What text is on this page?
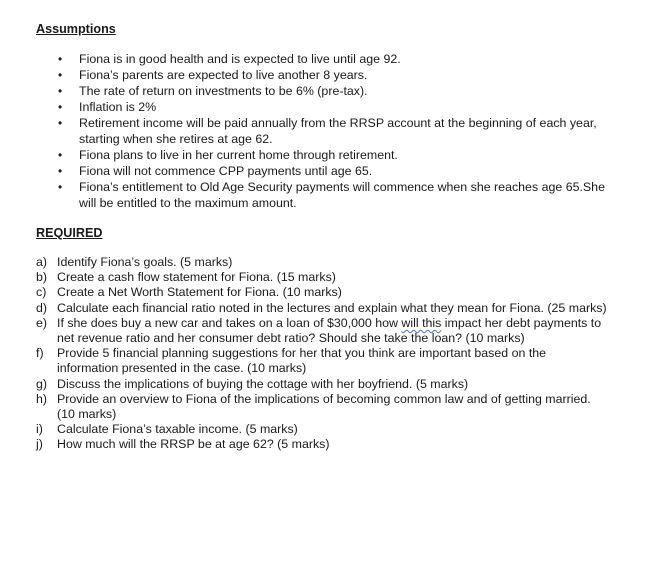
Assumptions
• Fiona is in good health and is expected to live until age 92.
• Fiona’s parents are expected to live another 8 years.
• The rate of return on investments to be 6% (pre-tax).
• Inflation is 2%
• Retirement income will be paid annually from the RRSP account at the beginning of each year, starting when she retires at age 62.
• Fiona plans to live in her current home through retirement.
• Fiona will not commence CPP payments until age 65.
• Fiona’s entitlement to Old Age Security payments will commence when she reaches age 65.She will be entitled to the maximum amount.
REQUIRED
a) Identify Fiona’s goals. (5 marks)
b) Create a cash flow statement for Fiona. (15 marks)
c) Create a Net Worth Statement for Fiona. (10 marks)
d) Calculate each financial ratio noted in the lectures and explain what they mean for Fiona. (25 marks)
e) If she does buy a new car and takes on a loan of $30,000 how will this impact her debt payments to net revenue ratio and her consumer debt ratio? Should she take the loan? (10 marks)
f) Provide 5 financial planning suggestions for her that you think are important based on the information presented in the case. (10 marks)
g) Discuss the implications of buying the cottage with her boyfriend. (5 marks)
h) Provide an overview to Fiona of the implications of becoming common law and of getting married. (10 marks)
i) Calculate Fiona’s taxable income. (5 marks)
j) How much will the RRSP be at age 62? (5 marks)
